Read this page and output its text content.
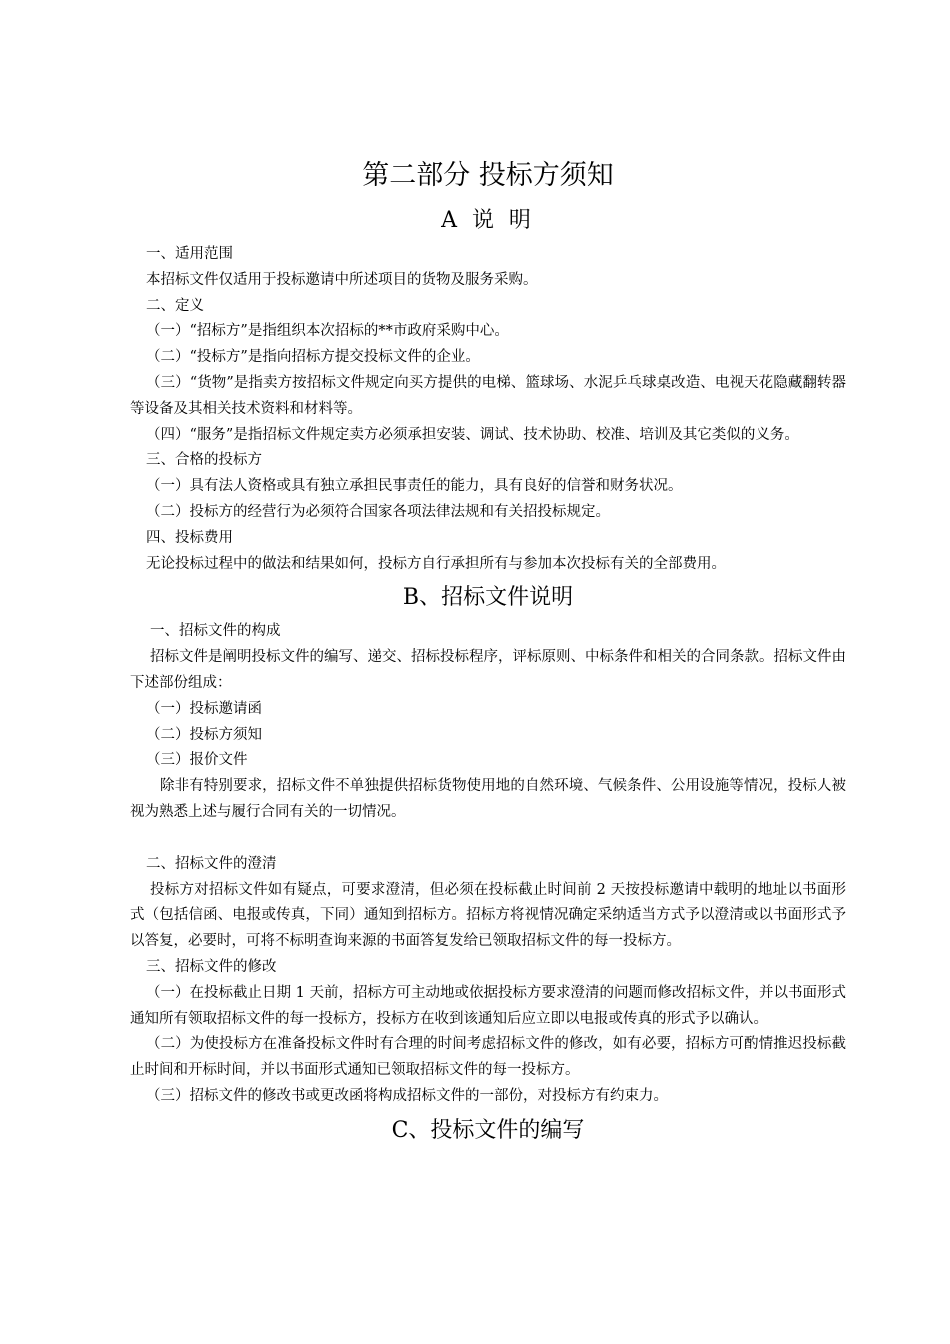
第二部分 投标方须知
A 说 明

一、适用范围

本招标文件仅适用于投标邀请中所述项目的货物及服务采购。

二、定义

（一）“招标方”是指组织本次招标的**市政府采购中心。

（二）“投标方”是指向招标方提交投标文件的企业。

（三）“货物”是指卖方按招标文件规定向买方提供的电梯、篮球场、水泥乒乓球桌改造、电视天花隐藏翻转器等设备及其相关技术资料和材料等。

（四）“服务”是指招标文件规定卖方必须承担安装、调试、技术协助、校准、培训及其它类似的义务。

三、合格的投标方

（一）具有法人资格或具有独立承担民事责任的能力，具有良好的信誉和财务状况。

（二）投标方的经营行为必须符合国家各项法律法规和有关招投标规定。

四、投标费用

无论投标过程中的做法和结果如何，投标方自行承担所有与参加本次投标有关的全部费用。

B、招标文件说明

一、招标文件的构成

招标文件是阐明投标文件的编写、递交、招标投标程序，评标原则、中标条件和相关的合同条款。招标文件由下述部份组成：

（一）投标邀请函

（二）投标方须知

（三）报价文件

除非有特别要求，招标文件不单独提供招标货物使用地的自然环境、气候条件、公用设施等情况，投标人被视为熟悉上述与履行合同有关的一切情况。

二、招标文件的澄清

投标方对招标文件如有疑点，可要求澄清，但必须在投标截止时间前 2 天按投标邀请中载明的地址以书面形式（包括信函、电报或传真，下同）通知到招标方。招标方将视情况确定采纳适当方式予以澄清或以书面形式予以答复，必要时，可将不标明查询来源的书面答复发给已领取招标文件的每一投标方。

三、招标文件的修改

（一）在投标截止日期 1 天前，招标方可主动地或依据投标方要求澄清的问题而修改招标文件，并以书面形式通知所有领取招标文件的每一投标方，投标方在收到该通知后应立即以电报或传真的形式予以确认。

（二）为使投标方在准备投标文件时有合理的时间考虑招标文件的修改，如有必要，招标方可酌情推迟投标截止时间和开标时间，并以书面形式通知已领取招标文件的每一投标方。

（三）招标文件的修改书或更改函将构成招标文件的一部份，对投标方有约束力。

C、投标文件的编写
